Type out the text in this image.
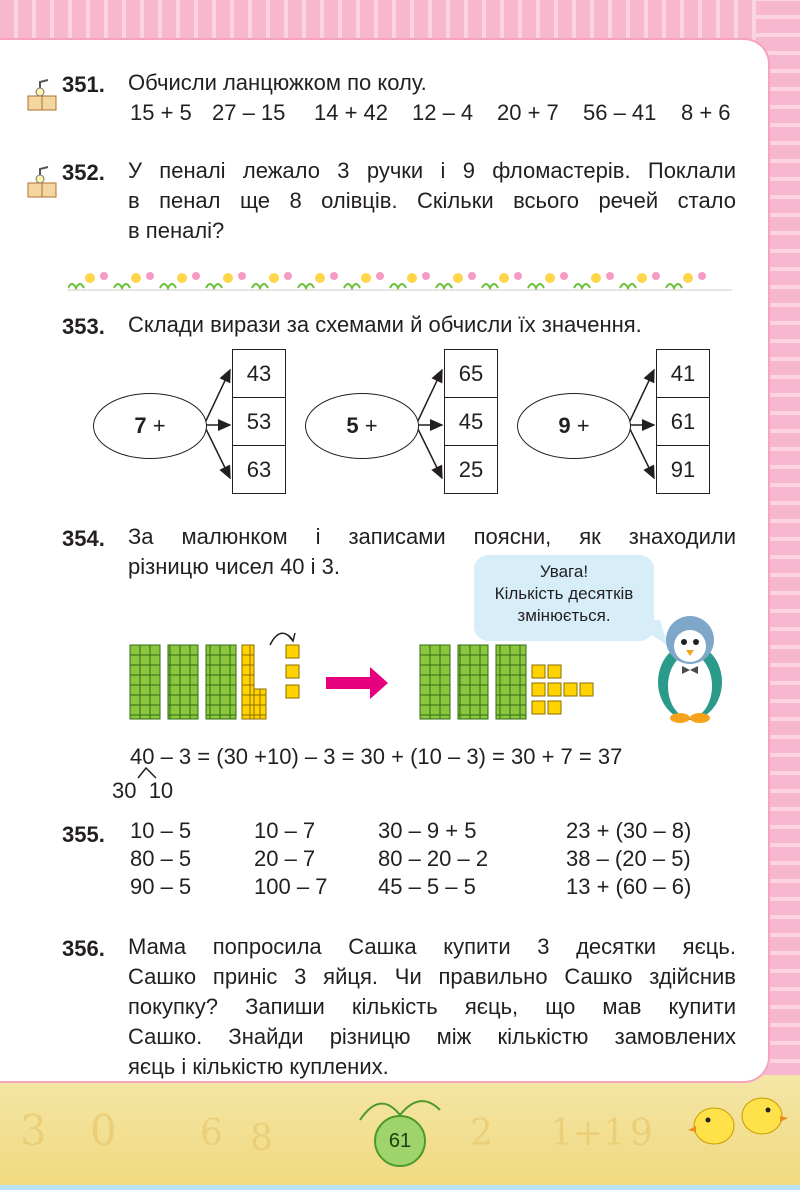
3 0 6 8	2 1+1 9
351. Обчисли ланцюжком по колу.
15 + 5 27 – 15 14 + 42 12 – 4 20 + 7 56 – 41 8 + 6
352. У пеналі лежало 3 ручки і 9 фломастерів. Поклали
в пенал ще 8 олівців. Скільки всього речей стало
в пеналі?
353. Склади вирази за схемами й обчисли їх значення.
7
+
43
53
63
5
+
65
45
25
9
+
41
61
91
354. За малюнком і записами поясни, як знаходили
різницю чисел 40 і 3.	Увага!
Кількість десятків
змінюється.
40 – 3 = (30 +10) – 3 = 30 + (10 – 3) = 30 + 7 = 37
30  10
355. 10 – 5
80 – 5
90 – 5
10 – 7
20 – 7
100 – 7
30 – 9 + 5
80 – 20 – 2
45 – 5 – 5
23 + (30 – 8)
38 – (20 – 5)
13 + (60 – 6)
356. Мама попросила Сашка купити 3 десятки яєць.
Сашко приніс 3 яйця. Чи правильно Сашко здійснив
покупку? Запиши кількість яєць, що мав купити
Сашко. Знайди різницю між кількістю замовлених
яєць і кількістю куплених.
61
